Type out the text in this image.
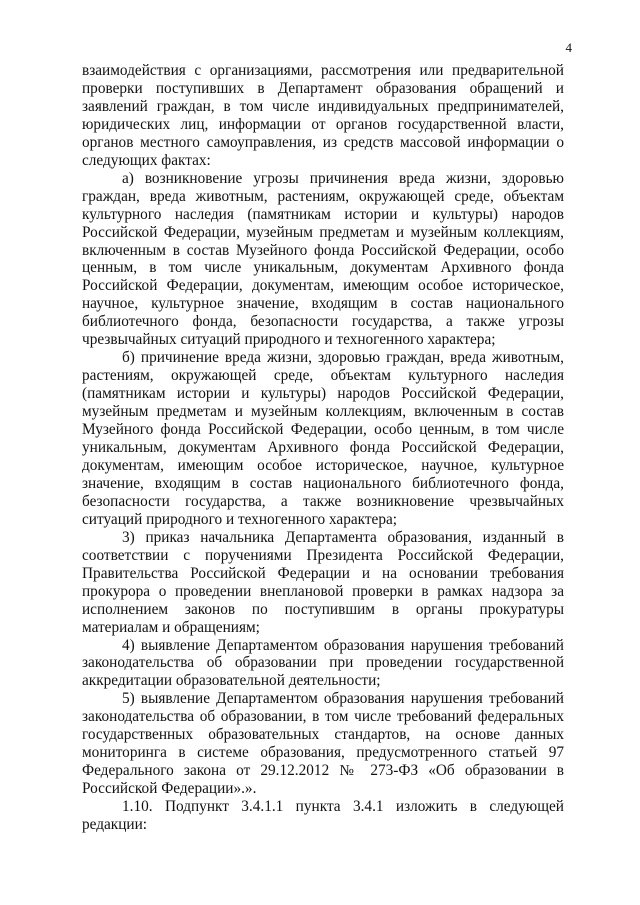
4

взаимодействия с организациями, рассмотрения или предварительной проверки поступивших в Департамент образования обращений и заявлений граждан, в том числе индивидуальных предпринимателей, юридических лиц, информации от органов государственной власти, органов местного самоуправления, из средств массовой информации о следующих фактах:

а) возникновение угрозы причинения вреда жизни, здоровью граждан, вреда животным, растениям, окружающей среде, объектам культурного наследия (памятникам истории и культуры) народов Российской Федерации, музейным предметам и музейным коллекциям, включенным в состав Музейного фонда Российской Федерации, особо ценным, в том числе уникальным, документам Архивного фонда Российской Федерации, документам, имеющим особое историческое, научное, культурное значение, входящим в состав национального библиотечного фонда, безопасности государства, а также угрозы чрезвычайных ситуаций природного и техногенного характера;

б) причинение вреда жизни, здоровью граждан, вреда животным, растениям, окружающей среде, объектам культурного наследия (памятникам истории и культуры) народов Российской Федерации, музейным предметам и музейным коллекциям, включенным в состав Музейного фонда Российской Федерации, особо ценным, в том числе уникальным, документам Архивного фонда Российской Федерации, документам, имеющим особое историческое, научное, культурное значение, входящим в состав национального библиотечного фонда, безопасности государства, а также возникновение чрезвычайных ситуаций природного и техногенного характера;

3) приказ начальника Департамента образования, изданный в соответствии с поручениями Президента Российской Федерации, Правительства Российской Федерации и на основании требования прокурора о проведении внеплановой проверки в рамках надзора за исполнением законов по поступившим в органы прокуратуры материалам и обращениям;

4) выявление Департаментом образования нарушения требований законодательства об образовании при проведении государственной аккредитации образовательной деятельности;

5) выявление Департаментом образования нарушения требований законодательства об образовании, в том числе требований федеральных государственных образовательных стандартов, на основе данных мониторинга в системе образования, предусмотренного статьей 97 Федерального закона от 29.12.2012 № 273-ФЗ «Об образовании в Российской Федерации».».

1.10. Подпункт 3.4.1.1 пункта 3.4.1 изложить в следующей редакции:
